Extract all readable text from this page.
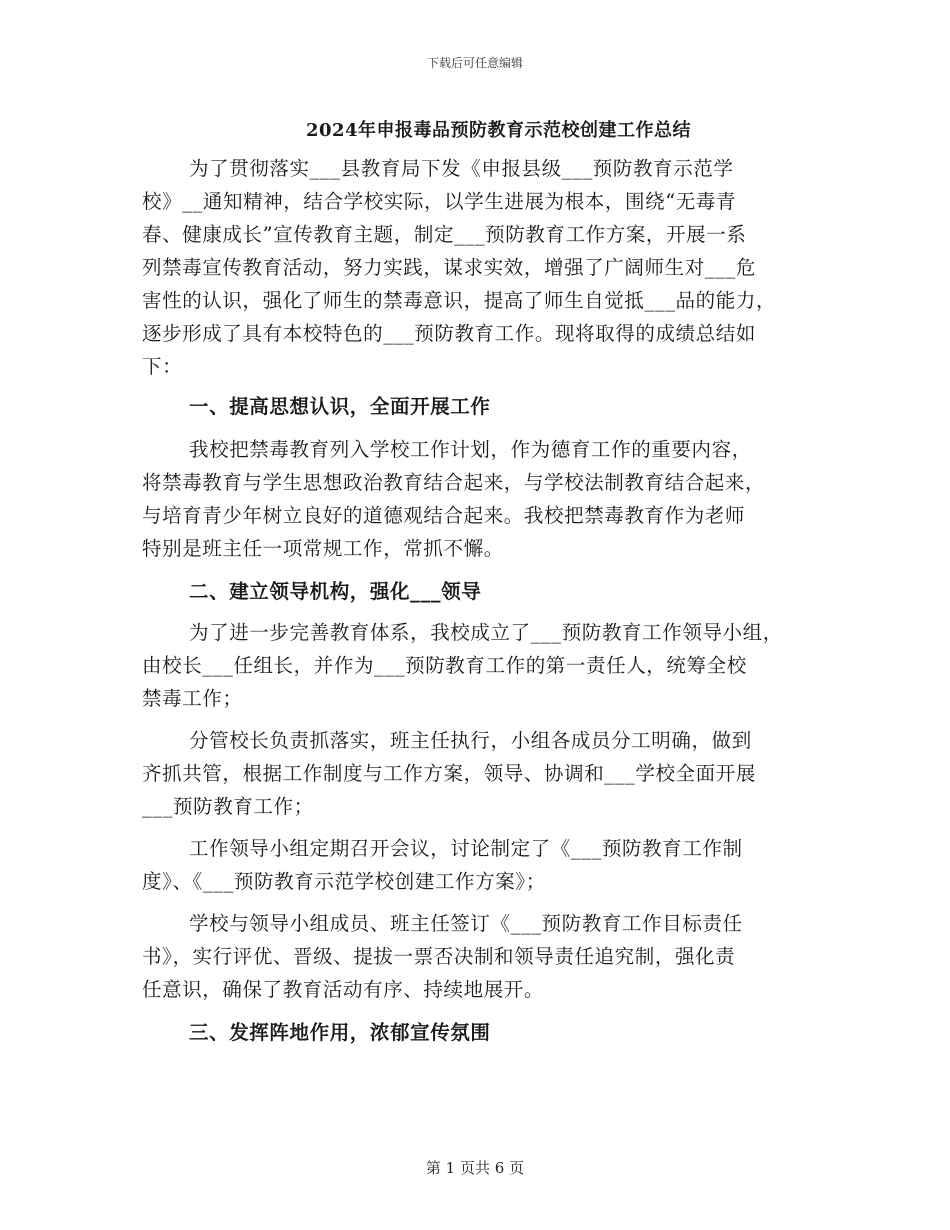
下载后可任意编辑
2024年申报毒品预防教育示范校创建工作总结
为了贯彻落实___县教育局下发《申报县级___预防教育示范学
校》__通知精神，结合学校实际，以学生进展为根本，围绕“无毒青
春、健康成长”宣传教育主题，制定___预防教育工作方案，开展一系
列禁毒宣传教育活动，努力实践，谋求实效，增强了广阔师生对___危
害性的认识，强化了师生的禁毒意识，提高了师生自觉抵___品的能力，
逐步形成了具有本校特色的___预防教育工作。现将取得的成绩总结如
下：
一、提高思想认识，全面开展工作
我校把禁毒教育列入学校工作计划，作为德育工作的重要内容，
将禁毒教育与学生思想政治教育结合起来，与学校法制教育结合起来，
与培育青少年树立良好的道德观结合起来。我校把禁毒教育作为老师
特别是班主任一项常规工作，常抓不懈。
二、建立领导机构，强化___领导
为了进一步完善教育体系，我校成立了___预防教育工作领导小组，
由校长___任组长，并作为___预防教育工作的第一责任人，统筹全校
禁毒工作；
分管校长负责抓落实，班主任执行，小组各成员分工明确，做到
齐抓共管，根据工作制度与工作方案，领导、协调和___学校全面开展
___预防教育工作；
工作领导小组定期召开会议，讨论制定了《___预防教育工作制
度》、《___预防教育示范学校创建工作方案》；
学校与领导小组成员、班主任签订《___预防教育工作目标责任
书》，实行评优、晋级、提拔一票否决制和领导责任追究制，强化责
任意识，确保了教育活动有序、持续地展开。
三、发挥阵地作用，浓郁宣传氛围
第 1 页共 6 页
